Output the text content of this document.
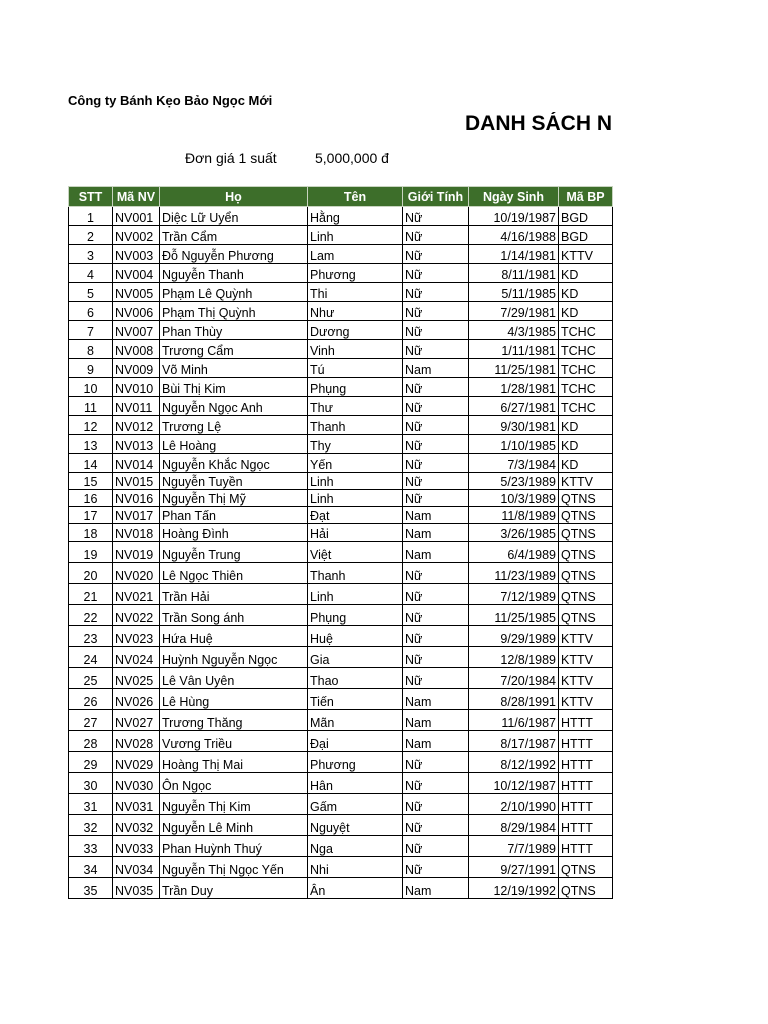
Công ty Bánh Kẹo Bảo Ngọc Mới
DANH SÁCH N
Đơn giá 1 suất	5,000,000 đ
STT	Mã NV	Họ	Tên	Giới Tính	Ngày Sinh	Mã BP
1	NV001	Diệc Lữ Uyển	Hằng	Nữ	10/19/1987	BGD
2	NV002	Trần Cẩm	Linh	Nữ	4/16/1988	BGD
3	NV003	Đỗ Nguyễn Phương	Lam	Nữ	1/14/1981	KTTV
4	NV004	Nguyễn Thanh	Phương	Nữ	8/11/1981	KD
5	NV005	Phạm Lê Quỳnh	Thi	Nữ	5/11/1985	KD
6	NV006	Phạm Thị Quỳnh	Như	Nữ	7/29/1981	KD
7	NV007	Phan Thùy	Dương	Nữ	4/3/1985	TCHC
8	NV008	Trương Cẩm	Vinh	Nữ	1/11/1981	TCHC
9	NV009	Võ Minh	Tú	Nam	11/25/1981	TCHC
10	NV010	Bùi Thị Kim	Phụng	Nữ	1/28/1981	TCHC
11	NV011	Nguyễn Ngọc Anh	Thư	Nữ	6/27/1981	TCHC
12	NV012	Trương Lệ	Thanh	Nữ	9/30/1981	KD
13	NV013	Lê Hoàng	Thy	Nữ	1/10/1985	KD
14	NV014	Nguyễn Khắc Ngọc	Yến	Nữ	7/3/1984	KD
15	NV015	Nguyễn Tuyền	Linh	Nữ	5/23/1989	KTTV
16	NV016	Nguyễn Thị Mỹ	Linh	Nữ	10/3/1989	QTNS
17	NV017	Phan Tấn	Đạt	Nam	11/8/1989	QTNS
18	NV018	Hoàng Đình	Hải	Nam	3/26/1985	QTNS
19	NV019	Nguyễn Trung	Việt	Nam	6/4/1989	QTNS
20	NV020	Lê Ngọc Thiên	Thanh	Nữ	11/23/1989	QTNS
21	NV021	Trần Hải	Linh	Nữ	7/12/1989	QTNS
22	NV022	Trần Song ánh	Phụng	Nữ	11/25/1985	QTNS
23	NV023	Hứa Huệ	Huệ	Nữ	9/29/1989	KTTV
24	NV024	Huỳnh Nguyễn Ngọc	Gia	Nữ	12/8/1989	KTTV
25	NV025	Lê Vân Uyên	Thao	Nữ	7/20/1984	KTTV
26	NV026	Lê Hùng	Tiến	Nam	8/28/1991	KTTV
27	NV027	Trương Thăng	Mãn	Nam	11/6/1987	HTTT
28	NV028	Vương Triều	Đại	Nam	8/17/1987	HTTT
29	NV029	Hoàng Thị Mai	Phương	Nữ	8/12/1992	HTTT
30	NV030	Ôn Ngọc	Hân	Nữ	10/12/1987	HTTT
31	NV031	Nguyễn Thị Kim	Gấm	Nữ	2/10/1990	HTTT
32	NV032	Nguyễn Lê Minh	Nguyệt	Nữ	8/29/1984	HTTT
33	NV033	Phan Huỳnh Thuý	Nga	Nữ	7/7/1989	HTTT
34	NV034	Nguyễn Thị Ngọc Yến	Nhi	Nữ	9/27/1991	QTNS
35	NV035	Trần Duy	Ân	Nam	12/19/1992	QTNS
